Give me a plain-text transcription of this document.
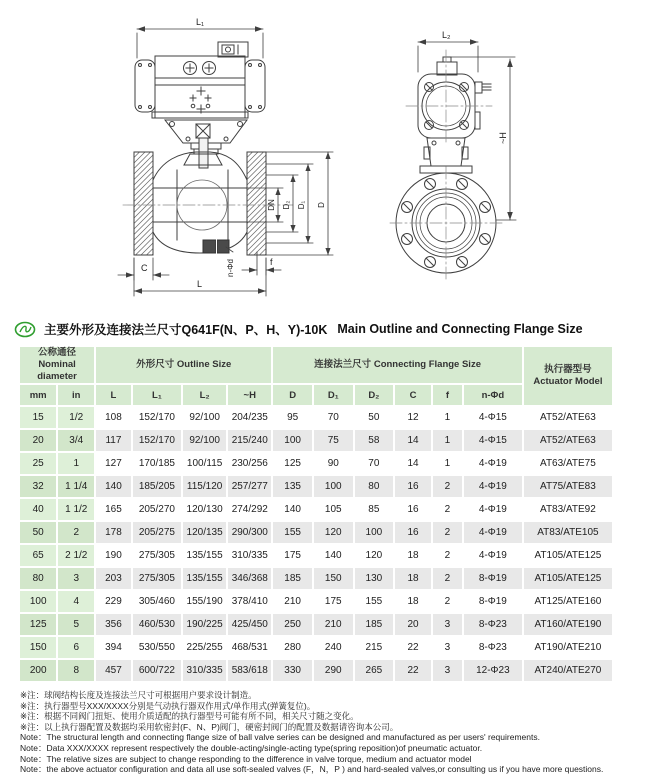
L₁
DN D₂ D₁ D
C
f
n-Φd
L
L₂
~H
主要外形及连接法兰尺寸Q641F(N、P、H、Y)-10K Main Outline and Connecting Flange Size
公称通径
Nominal diameter
	外形尺寸 Outline Size	连接法兰尺寸 Connecting Flange Size	执行器型号
Actuator Model

mm	in	L	L₁	L₂	~H	D	D₁	D₂	C	f	n-Φd	
15	1/2	108	152/170	92/100	204/235	95	70	50	12	1	4-Φ15	AT52/ATE63
20	3/4	117	152/170	92/100	215/240	100	75	58	14	1	4-Φ15	AT52/ATE63
25	1	127	170/185	100/115	230/256	125	90	70	14	1	4-Φ19	AT63/ATE75
32	1 1/4	140	185/205	115/120	257/277	135	100	80	16	2	4-Φ19	AT75/ATE83
40	1 1/2	165	205/270	120/130	274/292	140	105	85	16	2	4-Φ19	AT83/ATE92
50	2	178	205/275	120/135	290/300	155	120	100	16	2	4-Φ19	AT83/ATE105
65	2 1/2	190	275/305	135/155	310/335	175	140	120	18	2	4-Φ19	AT105/ATE125
80	3	203	275/305	135/155	346/368	185	150	130	18	2	8-Φ19	AT105/ATE125
100	4	229	305/460	155/190	378/410	210	175	155	18	2	8-Φ19	AT125/ATE160
125	5	356	460/530	190/225	425/450	250	210	185	20	3	8-Φ23	AT160/ATE190
150	6	394	530/550	225/255	468/531	280	240	215	22	3	8-Φ23	AT190/ATE210
200	8	457	600/722	310/335	583/618	330	290	265	22	3	12-Φ23	AT240/ATE270
※注：球阀结构长度及连接法兰尺寸可根据用户要求设计制造。
※注：执行器型号XXX/XXXX分别是气动执行器双作用式/单作用式(弹簧复位)。
※注：根据不同阀门扭矩、使用介质适配的执行器型号可能有所不同，相关尺寸随之变化。
※注：以上执行器配置及数据均采用软密封(F、N、P)阀门，硬密封阀门的配置及数据请咨询本公司。
Note：The structural length and connecting flange size of ball valve series can be designed and manufactured as per users' requirements.
Note：Data XXX/XXXX represent respectively the double-acting/single-acting type(spring reposition)of pneumatic actuator.
Note：The relative sizes are subject to change responding to the difference in valve torque, medium and actuator model
Note：the above actuator configuration and data all use soft-sealed valves (F，N，P ) and hard-sealed valves,or consulting us if you have more questions.
